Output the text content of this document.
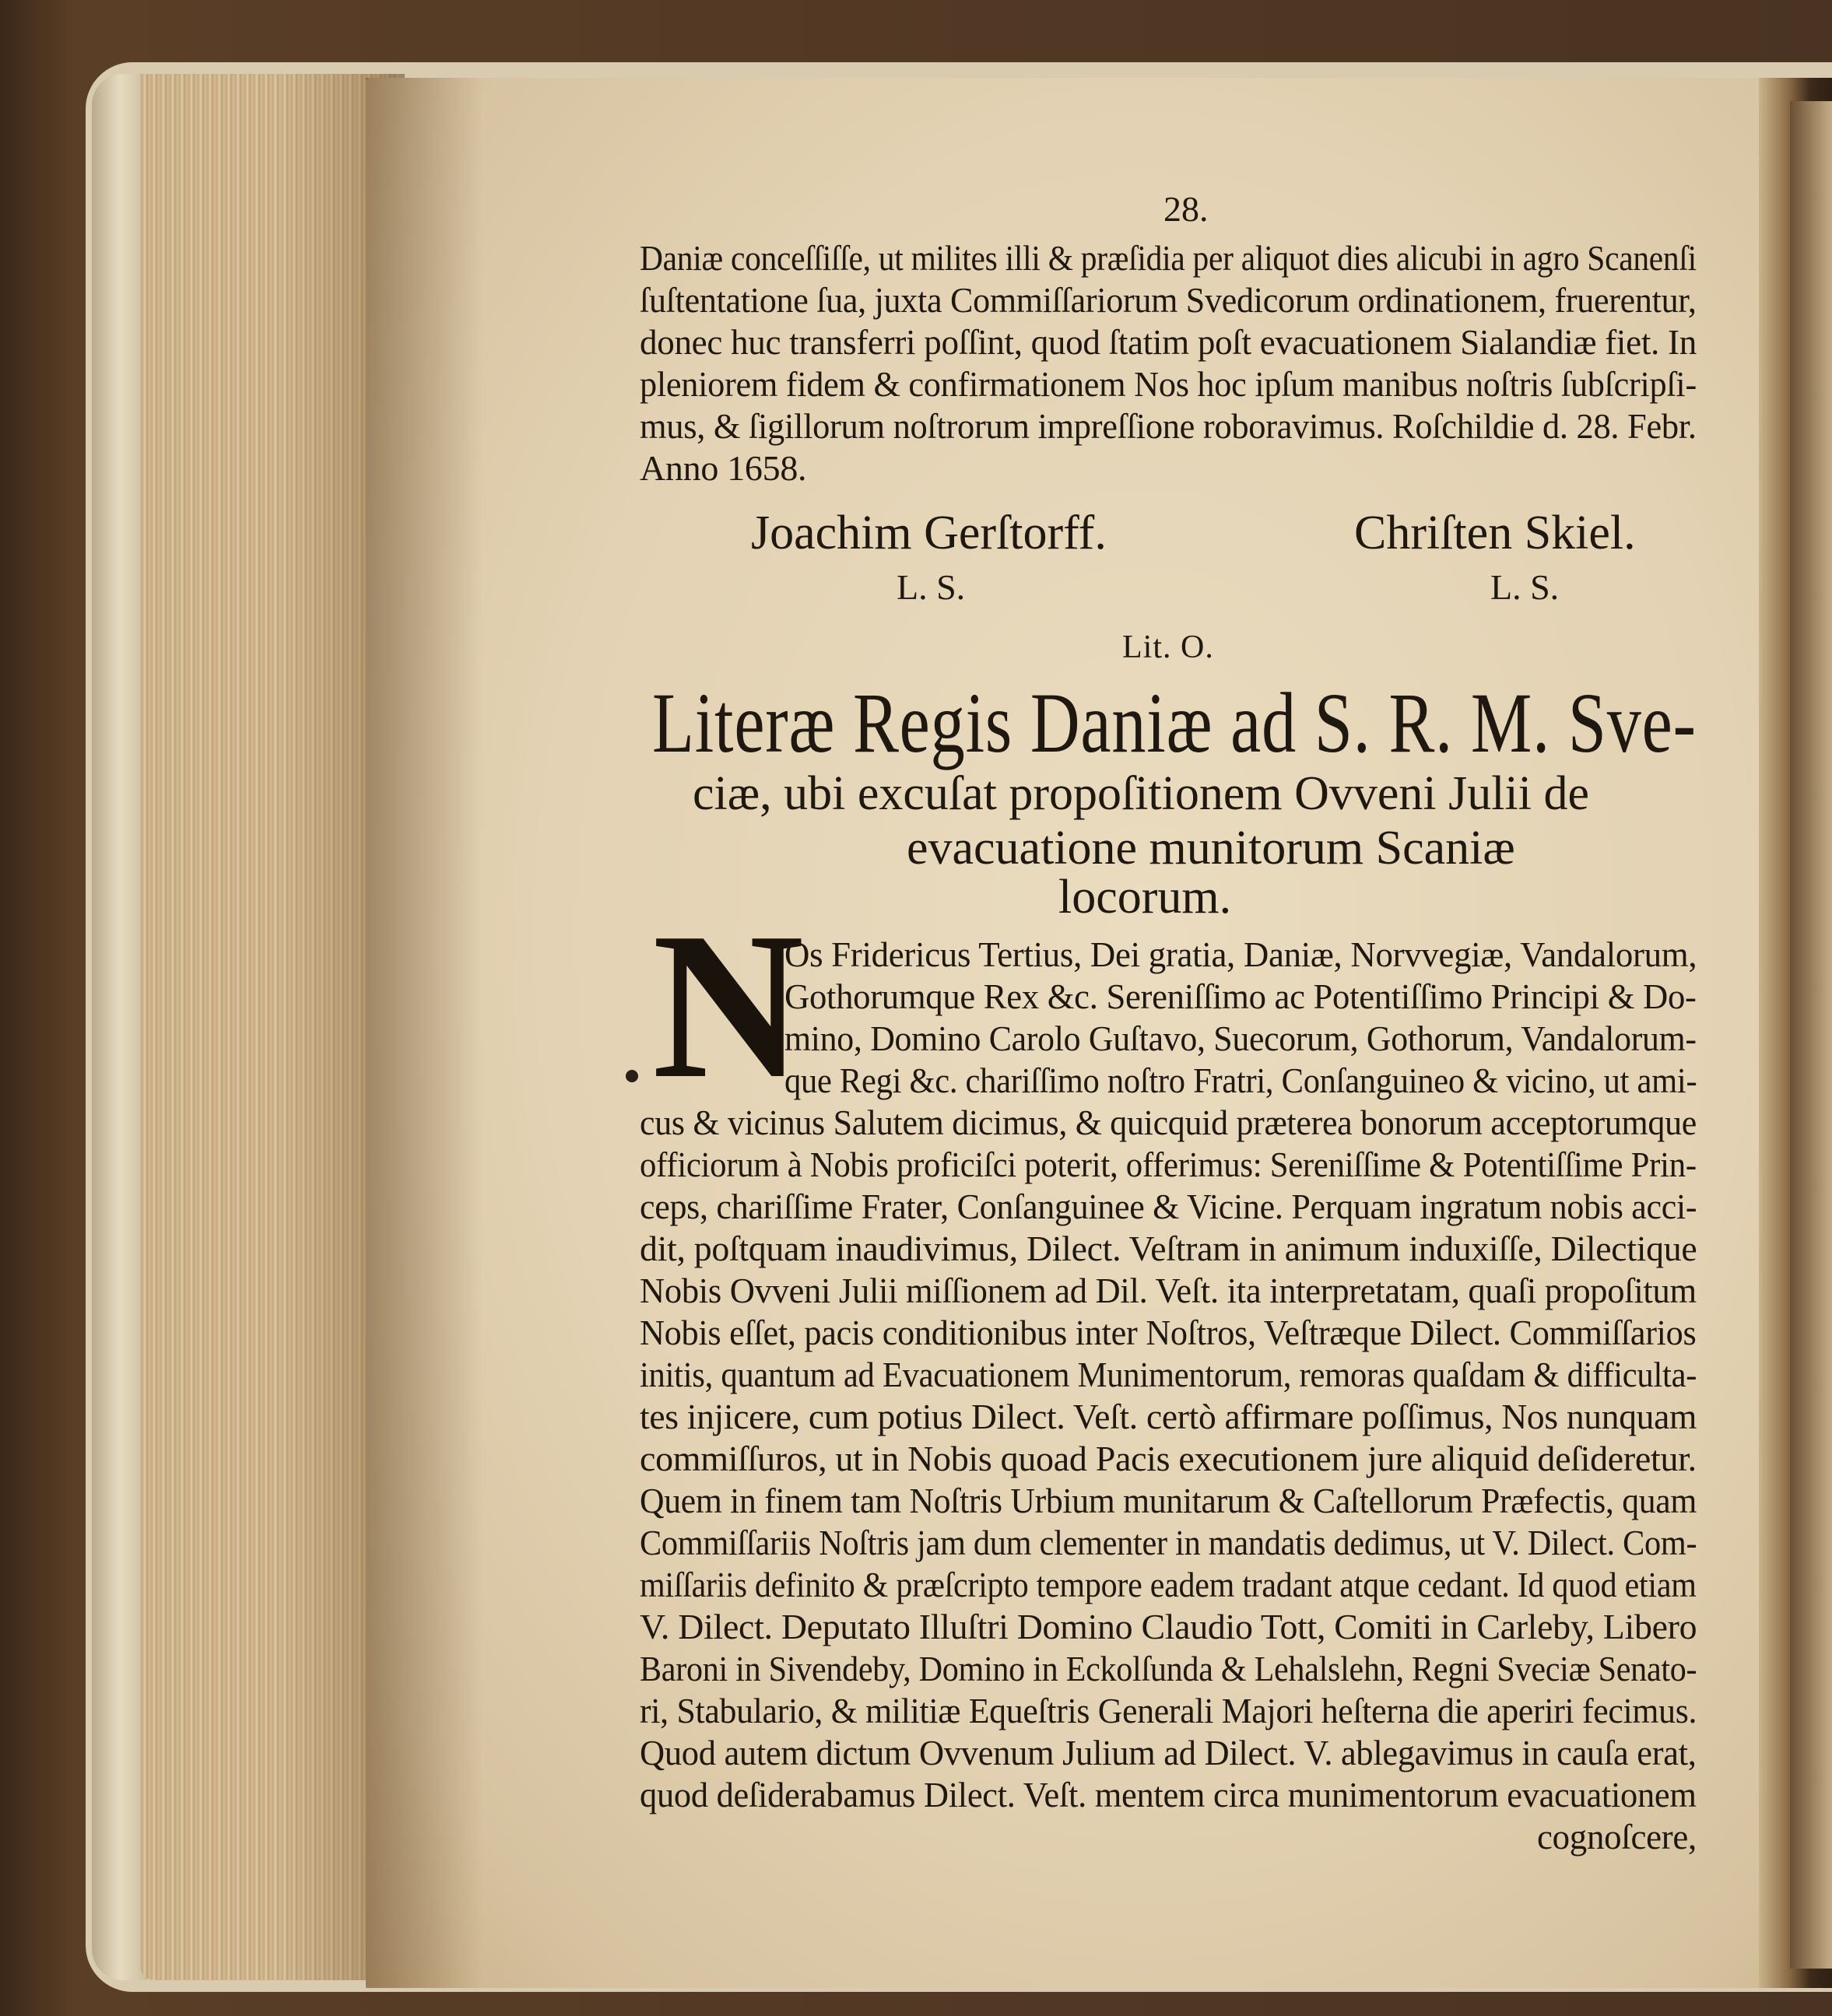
28.
Daniæ conceſſiſſe, ut milites illi & præſidia per aliquot dies alicubi in agro Scanenſi
ſuſtentatione ſua, juxta Commiſſariorum Svedicorum ordinationem, fruerentur,
donec huc transferri poſſint, quod ſtatim poſt evacuationem Sialandiæ fiet. In
pleniorem fidem & confirmationem Nos hoc ipſum manibus noſtris ſubſcripſi-
mus, & ſigillorum noſtrorum impreſſione roboravimus. Roſchildie d. 28. Febr.
Anno 1658.
Joachim Gerſtorff.
L. S.
Chriſten Skiel.
L. S.
Lit. O.
Literæ Regis Daniæ ad S. R. M. Sve-
ciæ, ubi excuſat propoſitionem Ovveni Julii de
evacuatione munitorum Scaniæ
locorum.
N
Os Fridericus Tertius, Dei gratia, Daniæ, Norvvegiæ, Vandalorum,
Gothorumque Rex &c. Sereniſſimo ac Potentiſſimo Principi & Do-
mino, Domino Carolo Guſtavo, Suecorum, Gothorum, Vandalorum-
que Regi &c. chariſſimo noſtro Fratri, Conſanguineo & vicino, ut ami-
cus & vicinus Salutem dicimus, & quicquid præterea bonorum acceptorumque
officiorum à Nobis proficiſci poterit, offerimus: Sereniſſime & Potentiſſime Prin-
ceps, chariſſime Frater, Conſanguinee & Vicine. Perquam ingratum nobis acci-
dit, poſtquam inaudivimus, Dilect. Veſtram in animum induxiſſe, Dilectique
Nobis Ovveni Julii miſſionem ad Dil. Veſt. ita interpretatam, quaſi propoſitum
Nobis eſſet, pacis conditionibus inter Noſtros, Veſtræque Dilect. Commiſſarios
initis, quantum ad Evacuationem Munimentorum, remoras quaſdam & difficulta-
tes injicere, cum potius Dilect. Veſt. certò affirmare poſſimus, Nos nunquam
commiſſuros, ut in Nobis quoad Pacis executionem jure aliquid deſideretur.
Quem in finem tam Noſtris Urbium munitarum & Caſtellorum Præfectis, quam
Commiſſariis Noſtris jam dum clementer in mandatis dedimus, ut V. Dilect. Com-
miſſariis definito & præſcripto tempore eadem tradant atque cedant. Id quod etiam
V. Dilect. Deputato Illuſtri Domino Claudio Tott, Comiti in Carleby, Libero
Baroni in Sivendeby, Domino in Eckolſunda & Lehalslehn, Regni Sveciæ Senato-
ri, Stabulario, & militiæ Equeſtris Generali Majori heſterna die aperiri fecimus.
Quod autem dictum Ovvenum Julium ad Dilect. V. ablegavimus in cauſa erat,
quod deſiderabamus Dilect. Veſt. mentem circa munimentorum evacuationem
cognoſcere,
